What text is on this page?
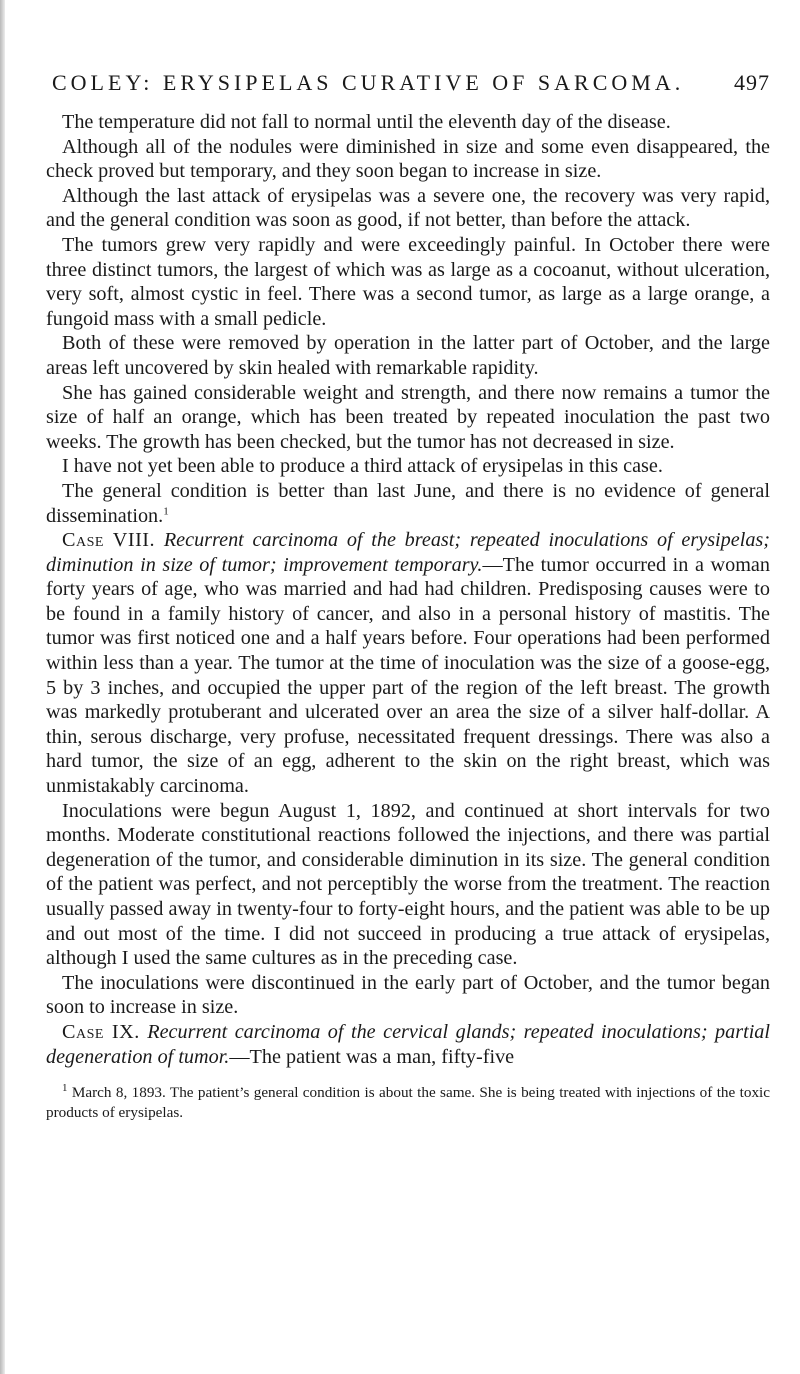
COLEY: ERYSIPELAS CURATIVE OF SARCOMA. 497

The temperature did not fall to normal until the eleventh day of the disease.

Although all of the nodules were diminished in size and some even disappeared, the check proved but temporary, and they soon began to increase in size.

Although the last attack of erysipelas was a severe one, the recovery was very rapid, and the general condition was soon as good, if not better, than before the attack.

The tumors grew very rapidly and were exceedingly painful. In October there were three distinct tumors, the largest of which was as large as a cocoanut, without ulceration, very soft, almost cystic in feel. There was a second tumor, as large as a large orange, a fungoid mass with a small pedicle.

Both of these were removed by operation in the latter part of October, and the large areas left uncovered by skin healed with remarkable rapidity.

She has gained considerable weight and strength, and there now remains a tumor the size of half an orange, which has been treated by repeated inoculation the past two weeks. The growth has been checked, but the tumor has not decreased in size.

I have not yet been able to produce a third attack of erysipelas in this case.

The general condition is better than last June, and there is no evidence of general dissemination.$^1$

Case VIII. Recurrent carcinoma of the breast; repeated inoculations of erysipelas; diminution in size of tumor; improvement temporary.—The tumor occurred in a woman forty years of age, who was married and had had children. Predisposing causes were to be found in a family history of cancer, and also in a personal history of mastitis. The tumor was first noticed one and a half years before. Four operations had been performed within less than a year. The tumor at the time of inoculation was the size of a goose-egg, 5 by 3 inches, and occupied the upper part of the region of the left breast. The growth was markedly protuberant and ulcerated over an area the size of a silver half-dollar. A thin, serous discharge, very profuse, necessitated frequent dressings. There was also a hard tumor, the size of an egg, adherent to the skin on the right breast, which was unmistakably carcinoma.

Inoculations were begun August 1, 1892, and continued at short intervals for two months. Moderate constitutional reactions followed the injections, and there was partial degeneration of the tumor, and considerable diminution in its size. The general condition of the patient was perfect, and not perceptibly the worse from the treatment. The reaction usually passed away in twenty-four to forty-eight hours, and the patient was able to be up and out most of the time. I did not succeed in producing a true attack of erysipelas, although I used the same cultures as in the preceding case.

The inoculations were discontinued in the early part of October, and the tumor began soon to increase in size.

Case IX. Recurrent carcinoma of the cervical glands; repeated inoculations; partial degeneration of tumor.—The patient was a man, fifty-five

$^1$ March 8, 1893. The patient’s general condition is about the same. She is being treated with injections of the toxic products of erysipelas.
